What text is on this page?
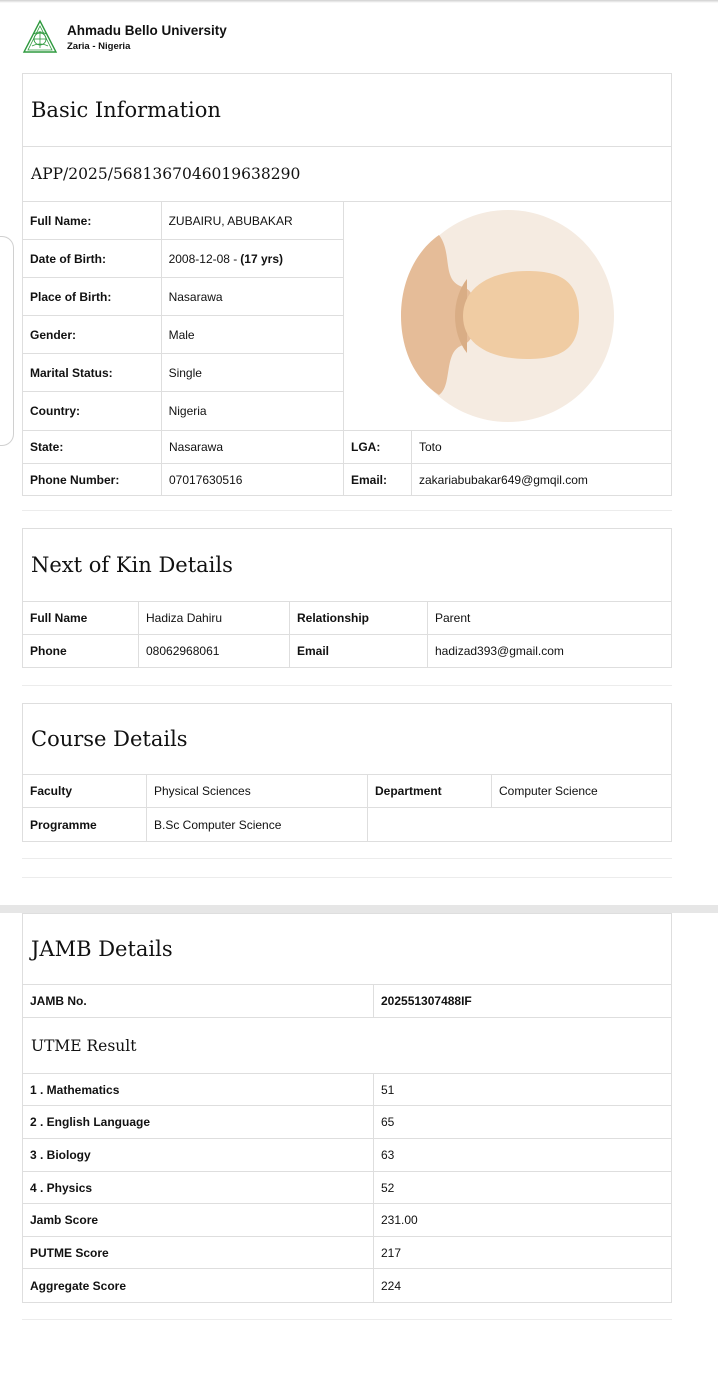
Ahmadu Bello University
Zaria - Nigeria
Basic Information
APP/2025/5681367046019638290
Full Name:	ZUBAIRU, ABUBAKAR
Date of Birth:	2008-12-08 - (17 yrs)
Place of Birth:	Nasarawa
Gender:	Male
Marital Status:	Single
Country:	Nigeria
State:	Nasarawa	LGA:	Toto
Phone Number:	07017630516	Email:	zakariabubakar649@gmqil.com
Next of Kin Details
Full Name	Hadiza Dahiru	Relationship	Parent
Phone	08062968061	Email	hadizad393@gmail.com
Course Details
Faculty	Physical Sciences	Department	Computer Science
Programme	B.Sc Computer Science
JAMB Details
JAMB No.	202551307488IF
UTME Result
1 . Mathematics	51
2 . English Language	65
3 . Biology	63
4 . Physics	52
Jamb Score	231.00
PUTME Score	217
Aggregate Score	224
